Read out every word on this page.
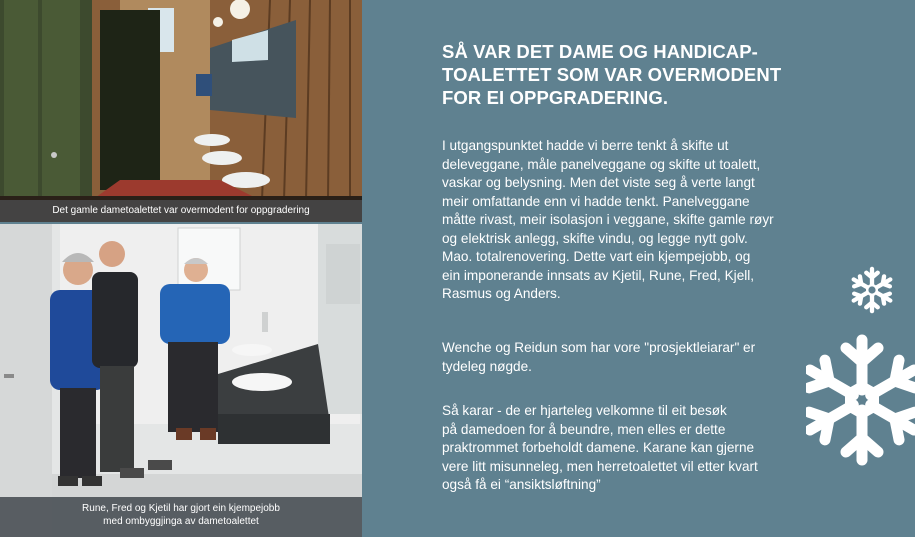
Det gamle dametoalettet var overmodent for oppgradering
Rune, Fred og Kjetil har gjort ein kjempejobb
med ombyggjinga av dametoalettet
SÅ VAR DET DAME OG HANDICAP-
TOALETTET SOM VAR OVERMODENT
FOR EI OPPGRADERING.
I utgangspunktet hadde vi berre tenkt å skifte ut
deleveggane, måle panelveggane og skifte ut toalett,
vaskar og belysning. Men det viste seg å verte langt
meir omfattande enn vi hadde tenkt. Panelveggane
måtte rivast, meir isolasjon i veggane, skifte gamle røyr
og elektrisk anlegg, skifte vindu, og legge nytt golv.
Mao. totalrenovering. Dette vart ein kjempejobb, og
ein imponerande innsats av Kjetil, Rune, Fred, Kjell,
Rasmus og Anders.
Wenche og Reidun som har vore "prosjektleiarar" er
tydeleg nøgde.
Så karar - de er hjarteleg velkomne til eit besøk
på damedoen for å beundre, men elles er dette
praktrommet forbeholdt damene. Karane kan gjerne
vere litt misunneleg, men herretoalettet vil etter kvart
også få ei “ansiktsløftning”
